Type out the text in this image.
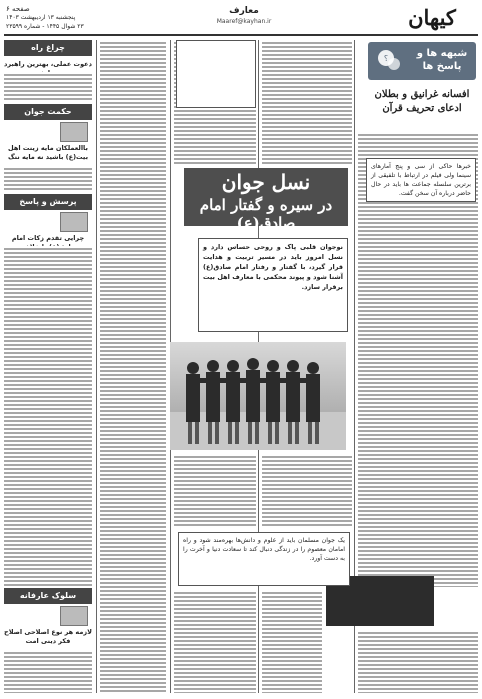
کیهان
معارف
Maaref@kayhan.ir
صفحه ۶
پنجشنبه ۱۳ اردیبهشت ۱۴۰۳
۲۳ شوال ۱۴۴۵ - شماره ۲۳۵۹۹
؟	شبهه ها و پاسخ ها
افسانه غرانیق و بطلان ادعای تحریف قرآن
خبرها حاکی از سی و پنج آمارهای سینما ولی فیلم در ارتباط با تلفیقی از برترین سلسله جماعت ها باید در حال حاضر درباره آن سخن گفت.
نسل جوان
در سیره و گفتار امام صادق(ع)
نوجوان قلبی پاک و روحی حساس دارد و نسل امروز باید در مسیر تربیت و هدایت قرار گیرد، با گفتار و رفتار امام صادق(ع) آشنا شود و پیوند محکمی با معارف اهل بیت برقرار سازد.
یک جوان مسلمان باید از علوم و دانش‌ها بهره‌مند شود و راه امامان معصوم را در زندگی دنبال کند تا سعادت دنیا و آخرت را به دست آورد.
چراغ راه
دعوت عملی، بهترین راهبرد
حکمت جوان
باالعملکان مایه زینت اهل بیت(ع) باشید نه مایه ننگ
پرسش و پاسخ
چرایی تقدم زکات امام
سلوک عارفانه
لازمه هر نوع اصلاحی اصلاح فکر دینی امت
